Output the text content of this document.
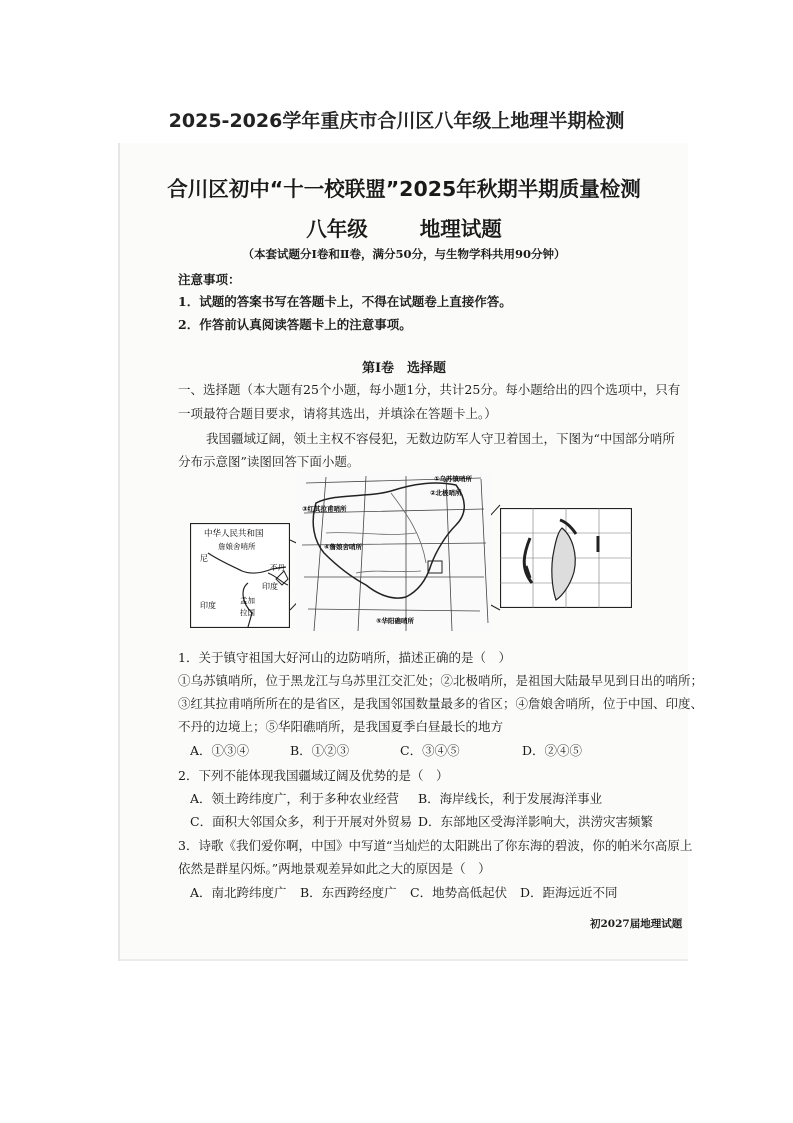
2025-2026学年重庆市合川区八年级上地理半期检测
合川区初中“十一校联盟”2025年秋期半期质量检测
八年级	地理试题
（本套试题分Ⅰ卷和Ⅱ卷，满分50分，与生物学科共用90分钟）
注意事项：
1．试题的答案书写在答题卡上，不得在试题卷上直接作答。
2．作答前认真阅读答题卡上的注意事项。
第Ⅰ卷　选择题
一、选择题（本大题有25个小题，每小题1分，共计25分。每小题给出的四个选项中，只有
一项最符合题目要求，请将其选出，并填涂在答题卡上。）
我国疆域辽阔，领土主权不容侵犯，无数边防军人守卫着国土，下图为“中国部分哨所
分布示意图”读图回答下面小题。
中华人民共和国
詹娘舍哨所
尼
不丹
印度
孟加
拉国
印度
①乌苏镇哨所
②北极哨所
③红其拉甫哨所
④詹娘舍哨所
⑤华阳礁哨所
1．关于镇守祖国大好河山的边防哨所，描述正确的是（　）
①乌苏镇哨所，位于黑龙江与乌苏里江交汇处；②北极哨所，是祖国大陆最早见到日出的哨所；
③红其拉甫哨所所在的是省区，是我国邻国数量最多的省区；④詹娘舍哨所，位于中国、印度、
不丹的边境上；⑤华阳礁哨所，是我国夏季白昼最长的地方
A．①③④	B．①②③	C．③④⑤	D．②④⑤
2．下列不能体现我国疆域辽阔及优势的是（　）
A．领土跨纬度广，利于多种农业经营 B．海岸线长，利于发展海洋事业
C．面积大邻国众多，利于开展对外贸易 D．东部地区受海洋影响大，洪涝灾害频繁
3．诗歌《我们爱你啊，中国》中写道“当灿烂的太阳跳出了你东海的碧波，你的帕米尔高原上
依然是群星闪烁。”两地景观差异如此之大的原因是（　）
A．南北跨纬度广 B．东西跨经度广 C．地势高低起伏 D．距海远近不同
初2027届地理试题
